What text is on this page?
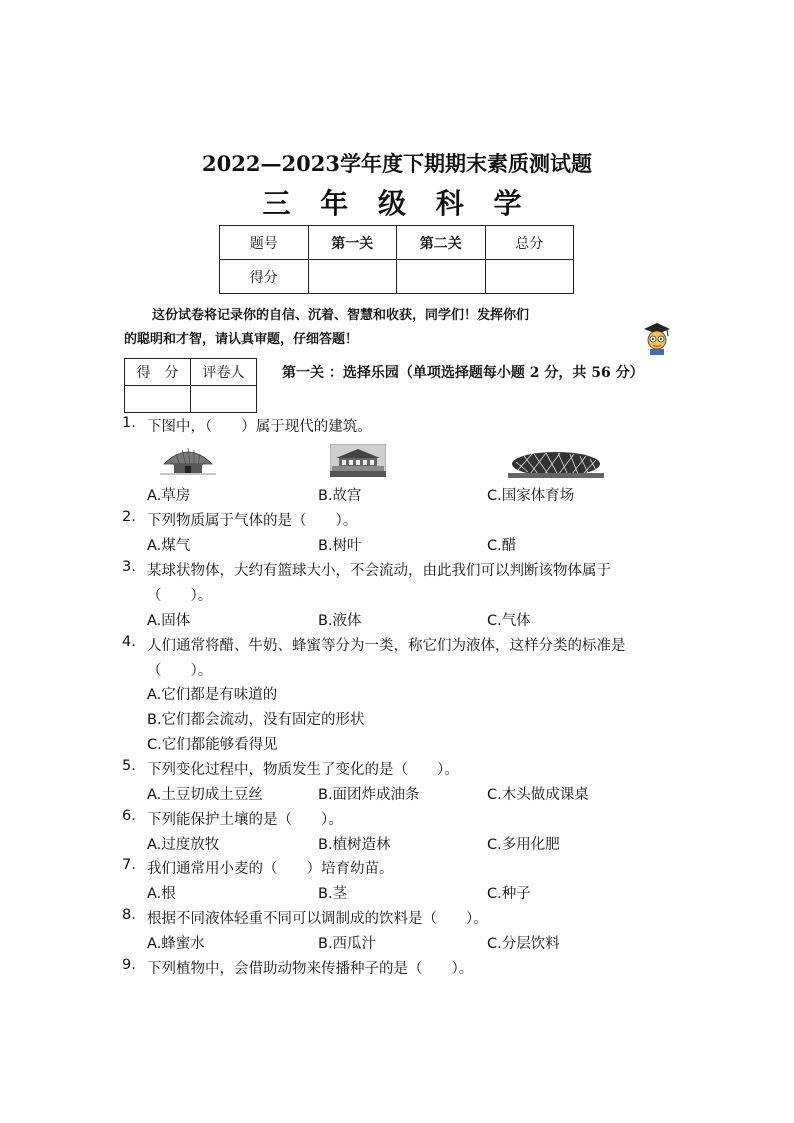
2022—2023学年度下期期末素质测试题
三 年 级 科 学
题号	第一关	第二关	总分
得分			
这份试卷将记录你的自信、沉着、智慧和收获，同学们！发挥你们
的聪明和才智，请认真审题，仔细答题！
得　分	评卷人
		第一关 ：选择乐园（单项选择题每小题 2 分，共 56 分）
1. 下图中，（　　）属于现代的建筑。
A.草房	B.故宫	C.国家体育场
2. 下列物质属于气体的是（　　）。
A.煤气	B.树叶	C.醋
3. 某球状物体，大约有篮球大小，不会流动，由此我们可以判断该物体属于
（　　）。
A.固体	B.液体	C.气体
4. 人们通常将醋、牛奶、蜂蜜等分为一类，称它们为液体，这样分类的标准是
（　　）。
A.它们都是有味道的
B.它们都会流动，没有固定的形状
C.它们都能够看得见
5. 下列变化过程中，物质发生了变化的是（　　）。
A.土豆切成土豆丝	B.面团炸成油条	C.木头做成课桌
6. 下列能保护土壤的是（　　）。
A.过度放牧	B.植树造林	C.多用化肥
7. 我们通常用小麦的（　　）培育幼苗。
A.根	B.茎	C.种子
8. 根据不同液体轻重不同可以调制成的饮料是（　　）。
A.蜂蜜水	B.西瓜汁	C.分层饮料
9. 下列植物中，会借助动物来传播种子的是（　　）。
